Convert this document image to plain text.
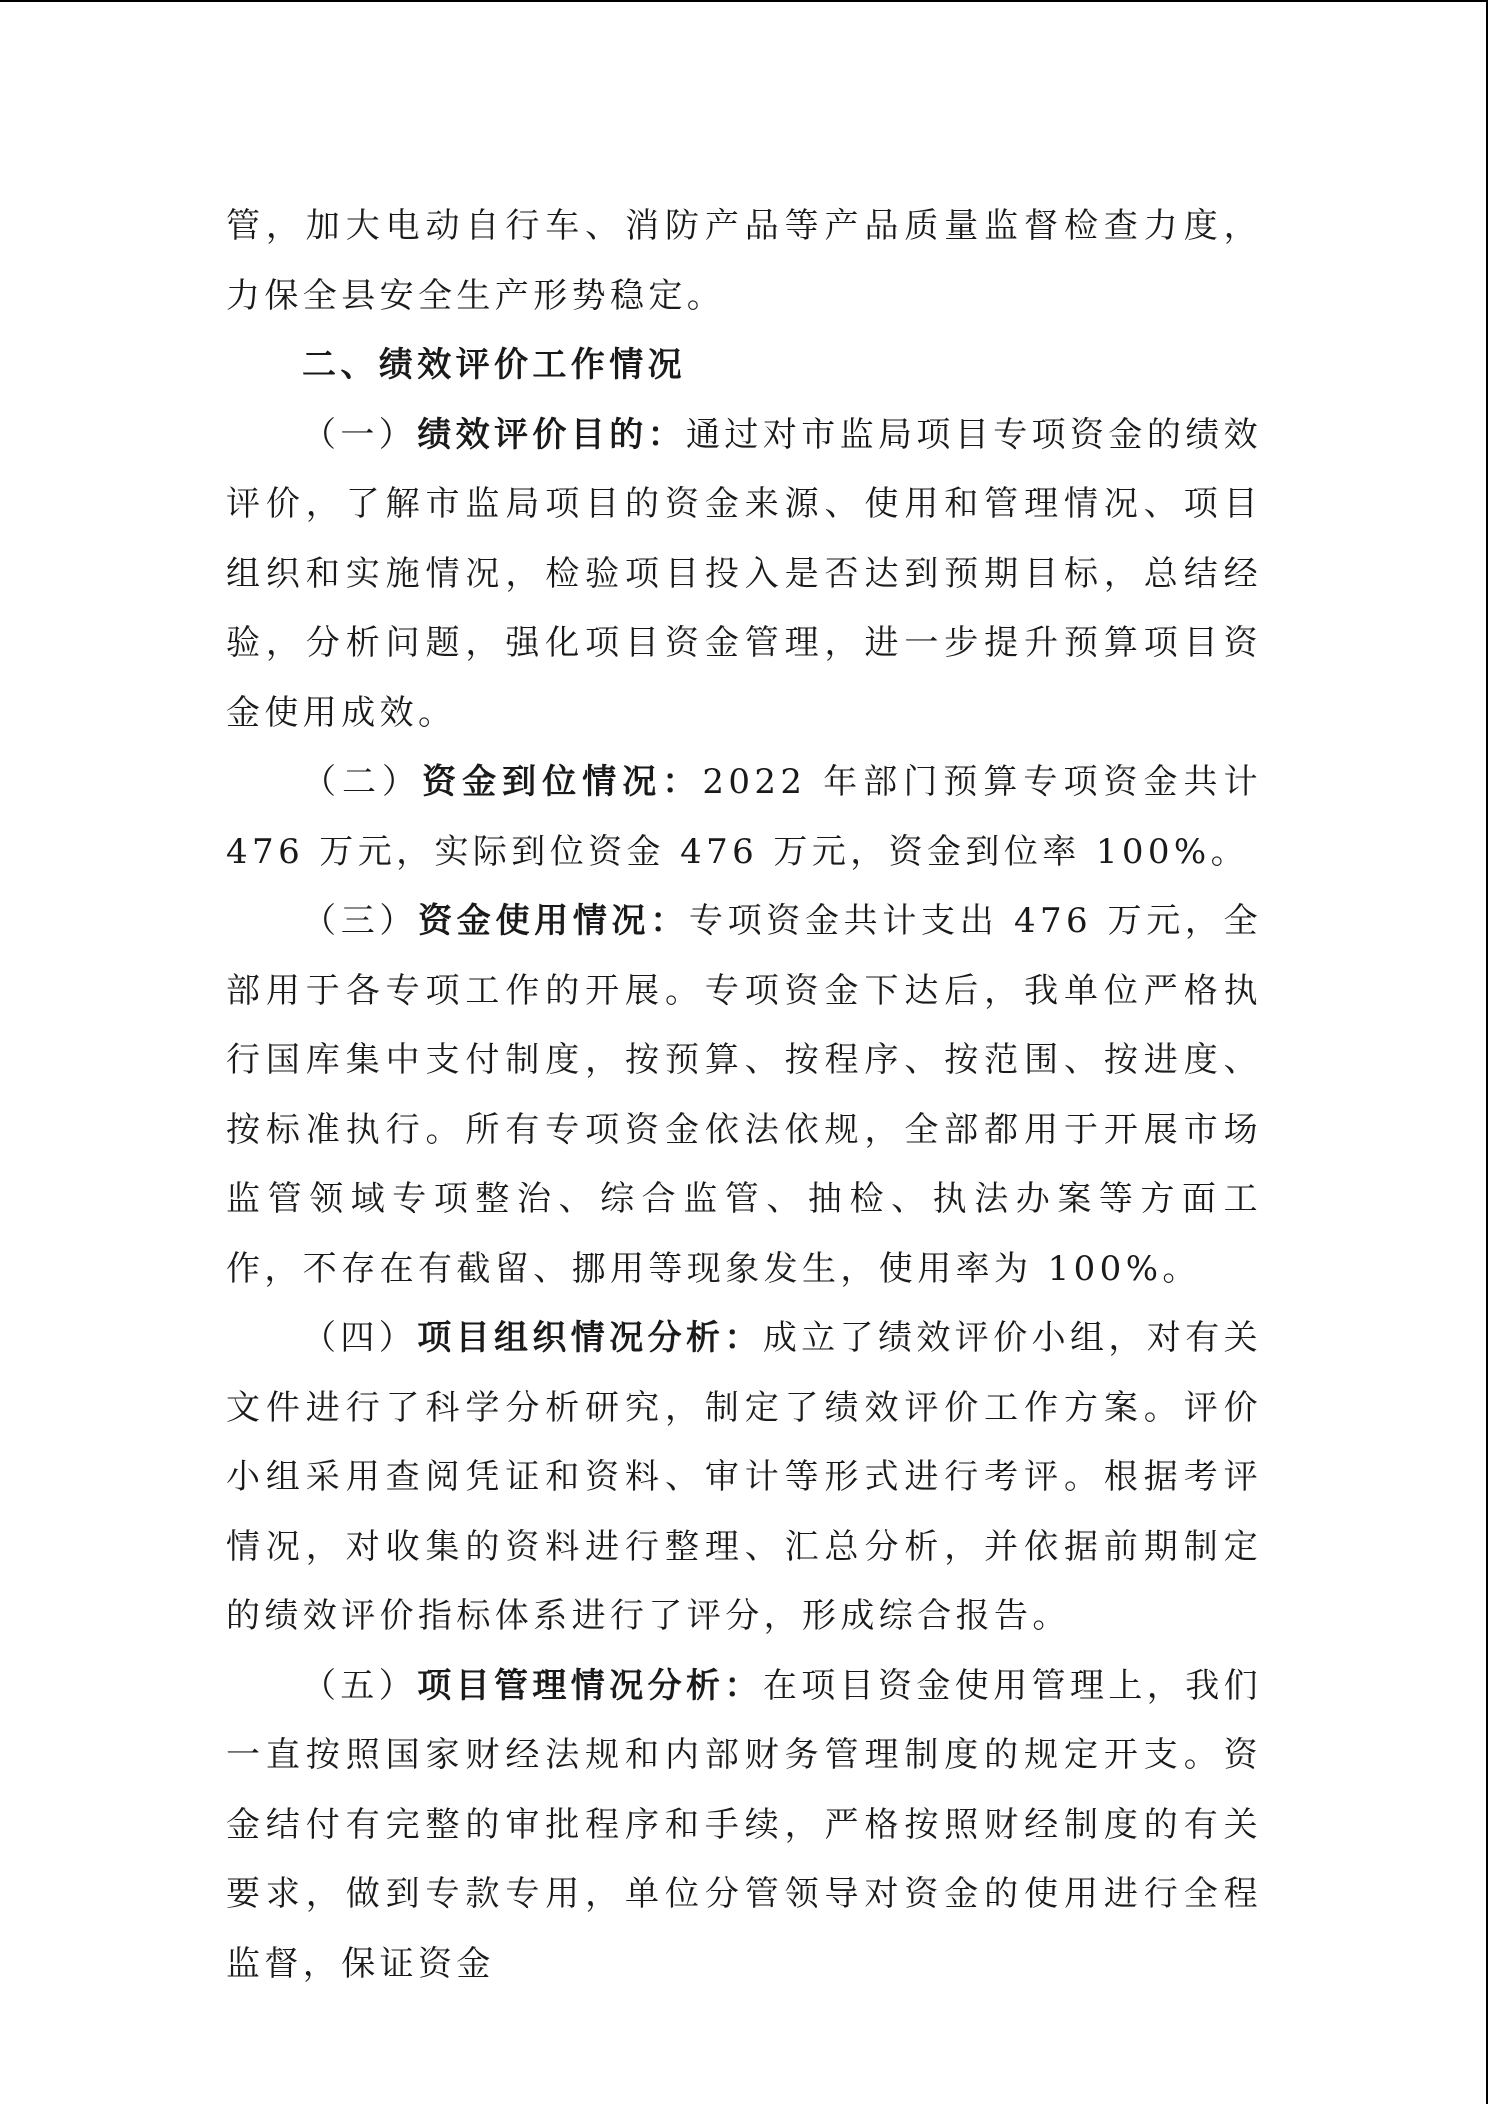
管，加大电动自行车、消防产品等产品质量监督检查力度，力保全县安全生产形势稳定。

二、绩效评价工作情况

（一）绩效评价目的：通过对市监局项目专项资金的绩效评价，了解市监局项目的资金来源、使用和管理情况、项目组织和实施情况，检验项目投入是否达到预期目标，总结经验，分析问题，强化项目资金管理，进一步提升预算项目资金使用成效。

（二）资金到位情况：2022 年部门预算专项资金共计 476 万元，实际到位资金 476 万元，资金到位率 100%。

（三）资金使用情况：专项资金共计支出 476 万元，全部用于各专项工作的开展。专项资金下达后，我单位严格执行国库集中支付制度，按预算、按程序、按范围、按进度、按标准执行。所有专项资金依法依规，全部都用于开展市场监管领域专项整治、综合监管、抽检、执法办案等方面工作，不存在有截留、挪用等现象发生，使用率为 100%。

（四）项目组织情况分析：成立了绩效评价小组，对有关文件进行了科学分析研究，制定了绩效评价工作方案。评价小组采用查阅凭证和资料、审计等形式进行考评。根据考评情况，对收集的资料进行整理、汇总分析，并依据前期制定的绩效评价指标体系进行了评分，形成综合报告。

（五）项目管理情况分析：在项目资金使用管理上，我们一直按照国家财经法规和内部财务管理制度的规定开支。资金结付有完整的审批程序和手续，严格按照财经制度的有关要求，做到专款专用，单位分管领导对资金的使用进行全程监督，保证资金
